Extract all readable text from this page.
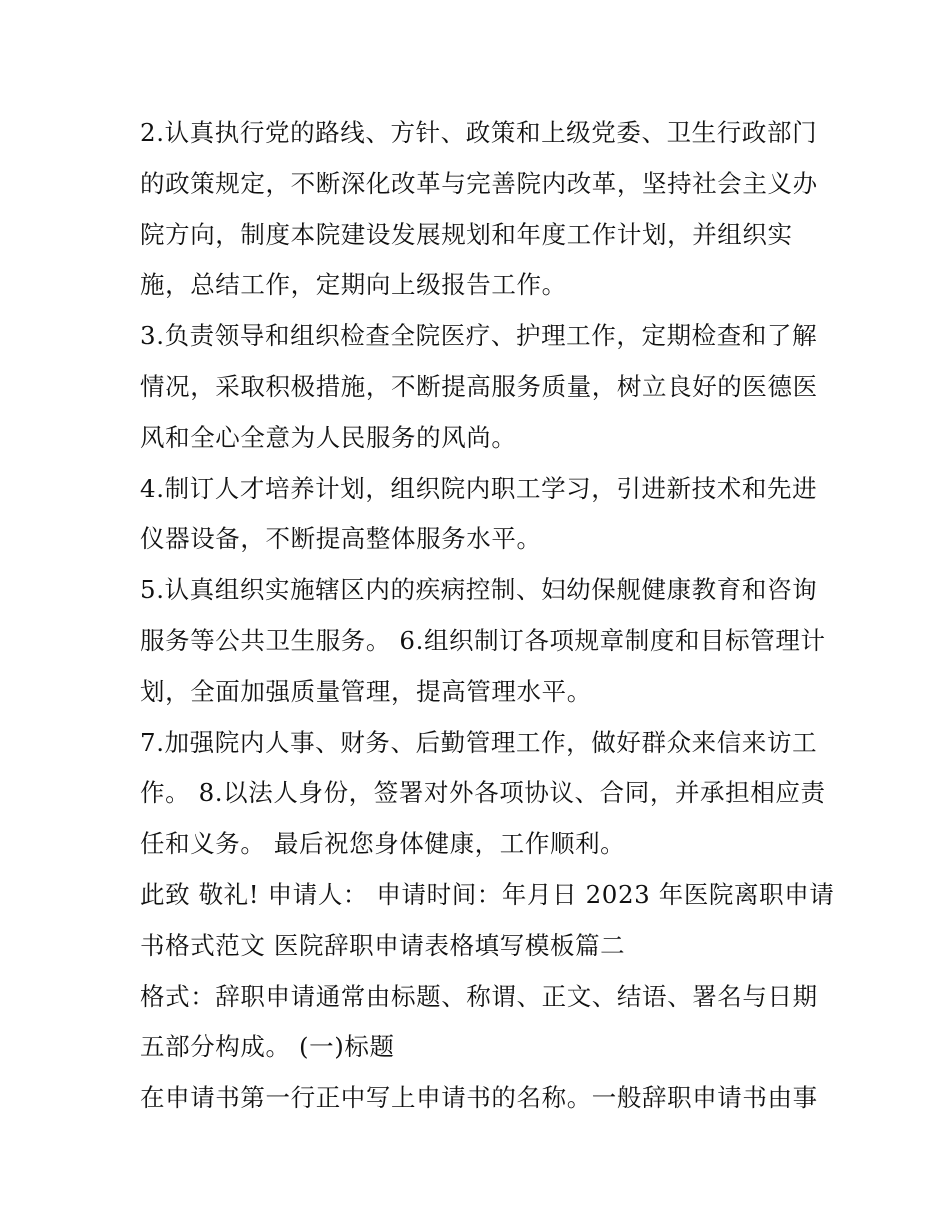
2.认真执行党的路线、方针、政策和上级党委、卫生行政部门
的政策规定，不断深化改革与完善院内改革，坚持社会主义办
院方向，制度本院建设发展规划和年度工作计划，并组织实
施，总结工作，定期向上级报告工作。
3.负责领导和组织检查全院医疗、护理工作，定期检查和了解
情况，采取积极措施，不断提高服务质量，树立良好的医德医
风和全心全意为人民服务的风尚。
4.制订人才培养计划，组织院内职工学习，引进新技术和先进
仪器设备，不断提高整体服务水平。
5.认真组织实施辖区内的疾病控制、妇幼保舰健康教育和咨询
服务等公共卫生服务。 6.组织制订各项规章制度和目标管理计
划，全面加强质量管理，提高管理水平。
7.加强院内人事、财务、后勤管理工作，做好群众来信来访工
作。 8.以法人身份，签署对外各项协议、合同，并承担相应责
任和义务。 最后祝您身体健康，工作顺利。
此致 敬礼! 申请人： 申请时间：年月日 2023 年医院离职申请
书格式范文 医院辞职申请表格填写模板篇二
格式：辞职申请通常由标题、称谓、正文、结语、署名与日期
五部分构成。 (一)标题
在申请书第一行正中写上申请书的名称。一般辞职申请书由事
